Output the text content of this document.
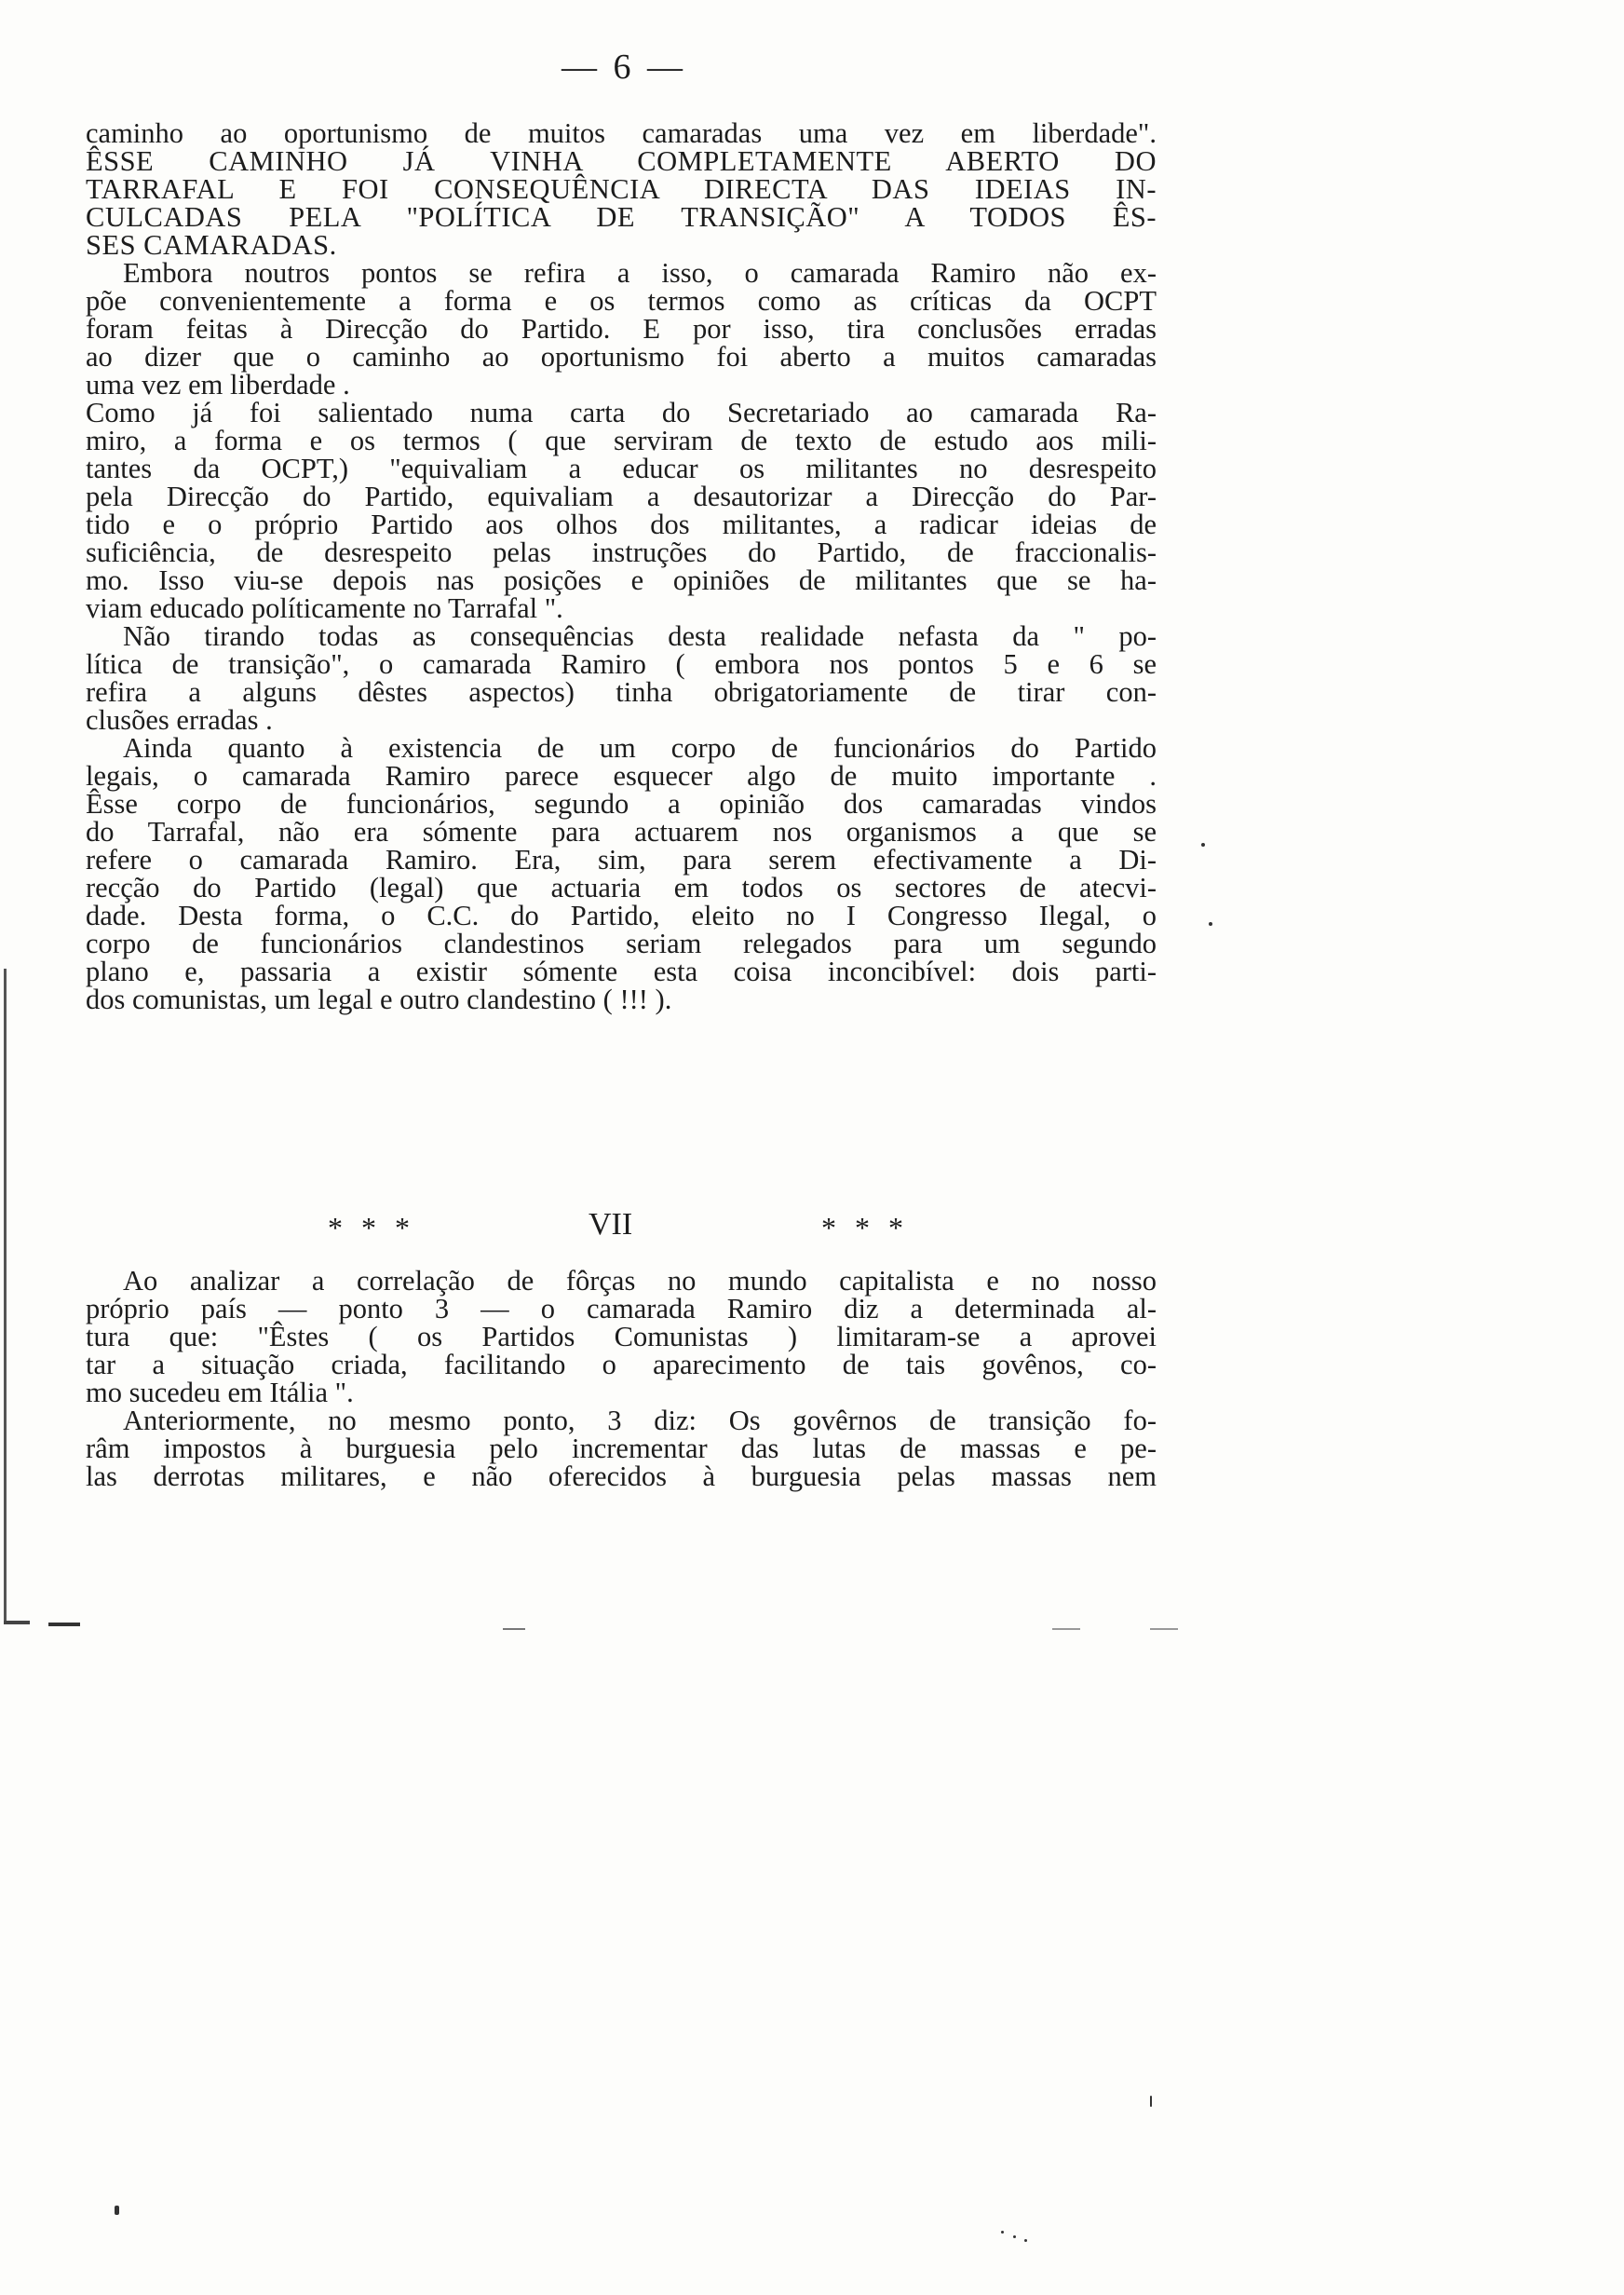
— 6 —
caminho ao oportunismo de muitos camaradas uma vez em liberdade".
ÊSSE CAMINHO JÁ VINHA COMPLETAMENTE ABERTO DO
TARRAFAL E FOI CONSEQUÊNCIA DIRECTA DAS IDEIAS IN-
CULCADAS PELA "POLÍTICA DE TRANSIÇÃO" A TODOS ÊS-
SES CAMARADAS.
Embora noutros pontos se refira a isso, o camarada Ramiro não ex-
põe convenientemente a forma e os termos como as críticas da OCPT
foram feitas à Direcção do Partido. E por isso, tira conclusões erradas
ao dizer que o caminho ao oportunismo foi aberto a muitos camaradas
uma vez em liberdade .
Como já foi salientado numa carta do Secretariado ao camarada Ra-
miro, a forma e os termos ( que serviram de texto de estudo aos mili-
tantes da OCPT,) "equivaliam a educar os militantes no desrespeito
pela Direcção do Partido, equivaliam a desautorizar a Direcção do Par-
tido e o próprio Partido aos olhos dos militantes, a radicar ideias de
suficiência, de desrespeito pelas instruções do Partido, de fraccionalis-
mo. Isso viu-se depois nas posições e opiniões de militantes que se ha-
viam educado políticamente no Tarrafal ".
Não tirando todas as consequências desta realidade nefasta da " po-
lítica de transição", o camarada Ramiro ( embora nos pontos 5 e 6 se
refira a alguns dêstes aspectos) tinha obrigatoriamente de tirar con-
clusões erradas .
Ainda quanto à existencia de um corpo de funcionários do Partido
legais, o camarada Ramiro parece esquecer algo de muito importante .
Êsse corpo de funcionários, segundo a opinião dos camaradas vindos
do Tarrafal, não era sómente para actuarem nos organismos a que se
refere o camarada Ramiro. Era, sim, para serem efectivamente a Di-
recção do Partido (legal) que actuaria em todos os sectores de atecvi-
dade. Desta forma, o C.C. do Partido, eleito no I Congresso Ilegal, o
corpo de funcionários clandestinos seriam relegados para um segundo
plano e, passaria a existir sómente esta coisa inconcibível: dois parti-
dos comunistas, um legal e outro clandestino ( !!! ).
* * *	VII	* * *
Ao analizar a correlação de fôrças no mundo capitalista e no nosso
próprio país — ponto 3 — o camarada Ramiro diz a determinada al-
tura que: "Êstes ( os Partidos Comunistas ) limitaram-se a aprovei
tar a situação criada, facilitando o aparecimento de tais govênos, co-
mo sucedeu em Itália ".
Anteriormente, no mesmo ponto, 3 diz: Os govêrnos de transição fo-
râm impostos à burguesia pelo incrementar das lutas de massas e pe-
las derrotas militares, e não oferecidos à burguesia pelas massas nem
